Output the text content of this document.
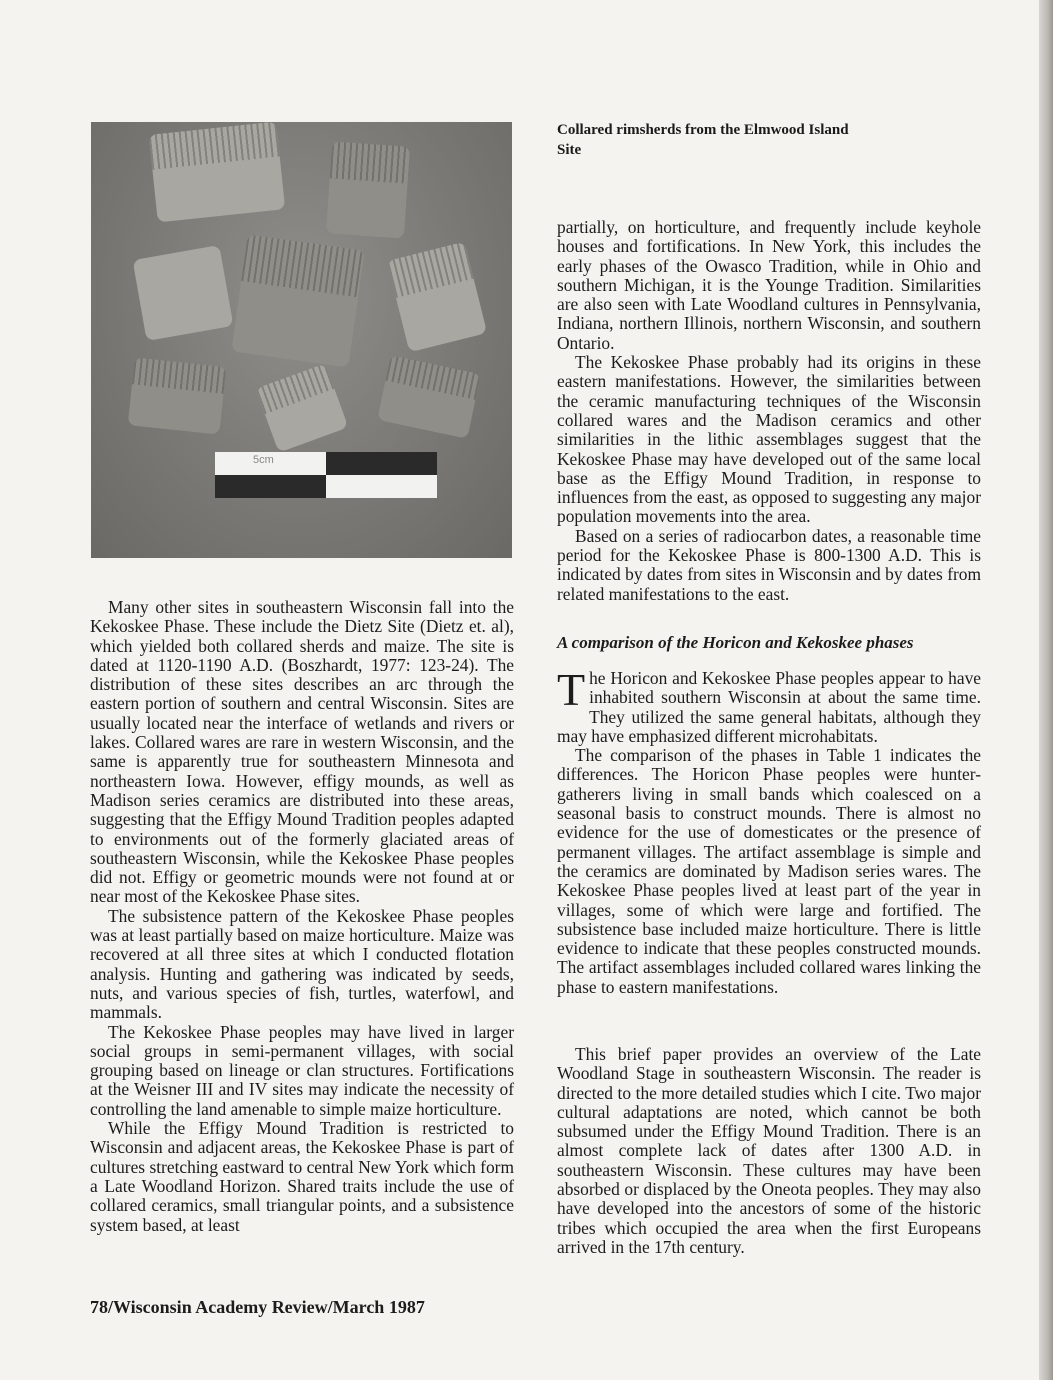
5cm
Collared rimsherds from the Elmwood Island Site

Many other sites in southeastern Wisconsin fall into the Kekoskee Phase. These include the Dietz Site (Dietz et. al), which yielded both collared sherds and maize. The site is dated at 1120-1190 A.D. (Boszhardt, 1977: 123-24). The distribution of these sites describes an arc through the eastern portion of southern and central Wisconsin. Sites are usually located near the interface of wetlands and rivers or lakes. Collared wares are rare in western Wisconsin, and the same is apparently true for southeastern Minnesota and northeastern Iowa. However, effigy mounds, as well as Madison series ceramics are distributed into these areas, suggesting that the Effigy Mound Tradition peoples adapted to environments out of the formerly glaciated areas of southeastern Wisconsin, while the Kekoskee Phase peoples did not. Effigy or geometric mounds were not found at or near most of the Kekoskee Phase sites.

The subsistence pattern of the Kekoskee Phase peoples was at least partially based on maize horticulture. Maize was recovered at all three sites at which I conducted flotation analysis. Hunting and gathering was indicated by seeds, nuts, and various species of fish, turtles, waterfowl, and mammals.

The Kekoskee Phase peoples may have lived in larger social groups in semi-permanent villages, with social grouping based on lineage or clan structures. Fortifications at the Weisner III and IV sites may indicate the necessity of controlling the land amenable to simple maize horticulture.

While the Effigy Mound Tradition is restricted to Wisconsin and adjacent areas, the Kekoskee Phase is part of cultures stretching eastward to central New York which form a Late Woodland Horizon. Shared traits include the use of collared ceramics, small triangular points, and a subsistence system based, at least

partially, on horticulture, and frequently include keyhole houses and fortifications. In New York, this includes the early phases of the Owasco Tradition, while in Ohio and southern Michigan, it is the Younge Tradition. Similarities are also seen with Late Woodland cultures in Pennsylvania, Indiana, northern Illinois, northern Wisconsin, and southern Ontario.

The Kekoskee Phase probably had its origins in these eastern manifestations. However, the similarities between the ceramic manufacturing techniques of the Wisconsin collared wares and the Madison ceramics and other similarities in the lithic assemblages suggest that the Kekoskee Phase may have developed out of the same local base as the Effigy Mound Tradition, in response to influences from the east, as opposed to suggesting any major population movements into the area.

Based on a series of radiocarbon dates, a reasonable time period for the Kekoskee Phase is 800-1300 A.D. This is indicated by dates from sites in Wisconsin and by dates from related manifestations to the east.

A comparison of the Horicon and Kekoskee phases

The Horicon and Kekoskee Phase peoples appear to have inhabited southern Wisconsin at about the same time. They utilized the same general habitats, although they may have emphasized different microhabitats.

The comparison of the phases in Table 1 indicates the differences. The Horicon Phase peoples were hunter-gatherers living in small bands which coalesced on a seasonal basis to construct mounds. There is almost no evidence for the use of domesticates or the presence of permanent villages. The artifact assemblage is simple and the ceramics are dominated by Madison series wares. The Kekoskee Phase peoples lived at least part of the year in villages, some of which were large and fortified. The subsistence base included maize horticulture. There is little evidence to indicate that these peoples constructed mounds. The artifact assemblages included collared wares linking the phase to eastern manifestations.

This brief paper provides an overview of the Late Woodland Stage in southeastern Wisconsin. The reader is directed to the more detailed studies which I cite. Two major cultural adaptations are noted, which cannot be both subsumed under the Effigy Mound Tradition. There is an almost complete lack of dates after 1300 A.D. in southeastern Wisconsin. These cultures may have been absorbed or displaced by the Oneota peoples. They may also have developed into the ancestors of some of the historic tribes which occupied the area when the first Europeans arrived in the 17th century.

78/Wisconsin Academy Review/March 1987
